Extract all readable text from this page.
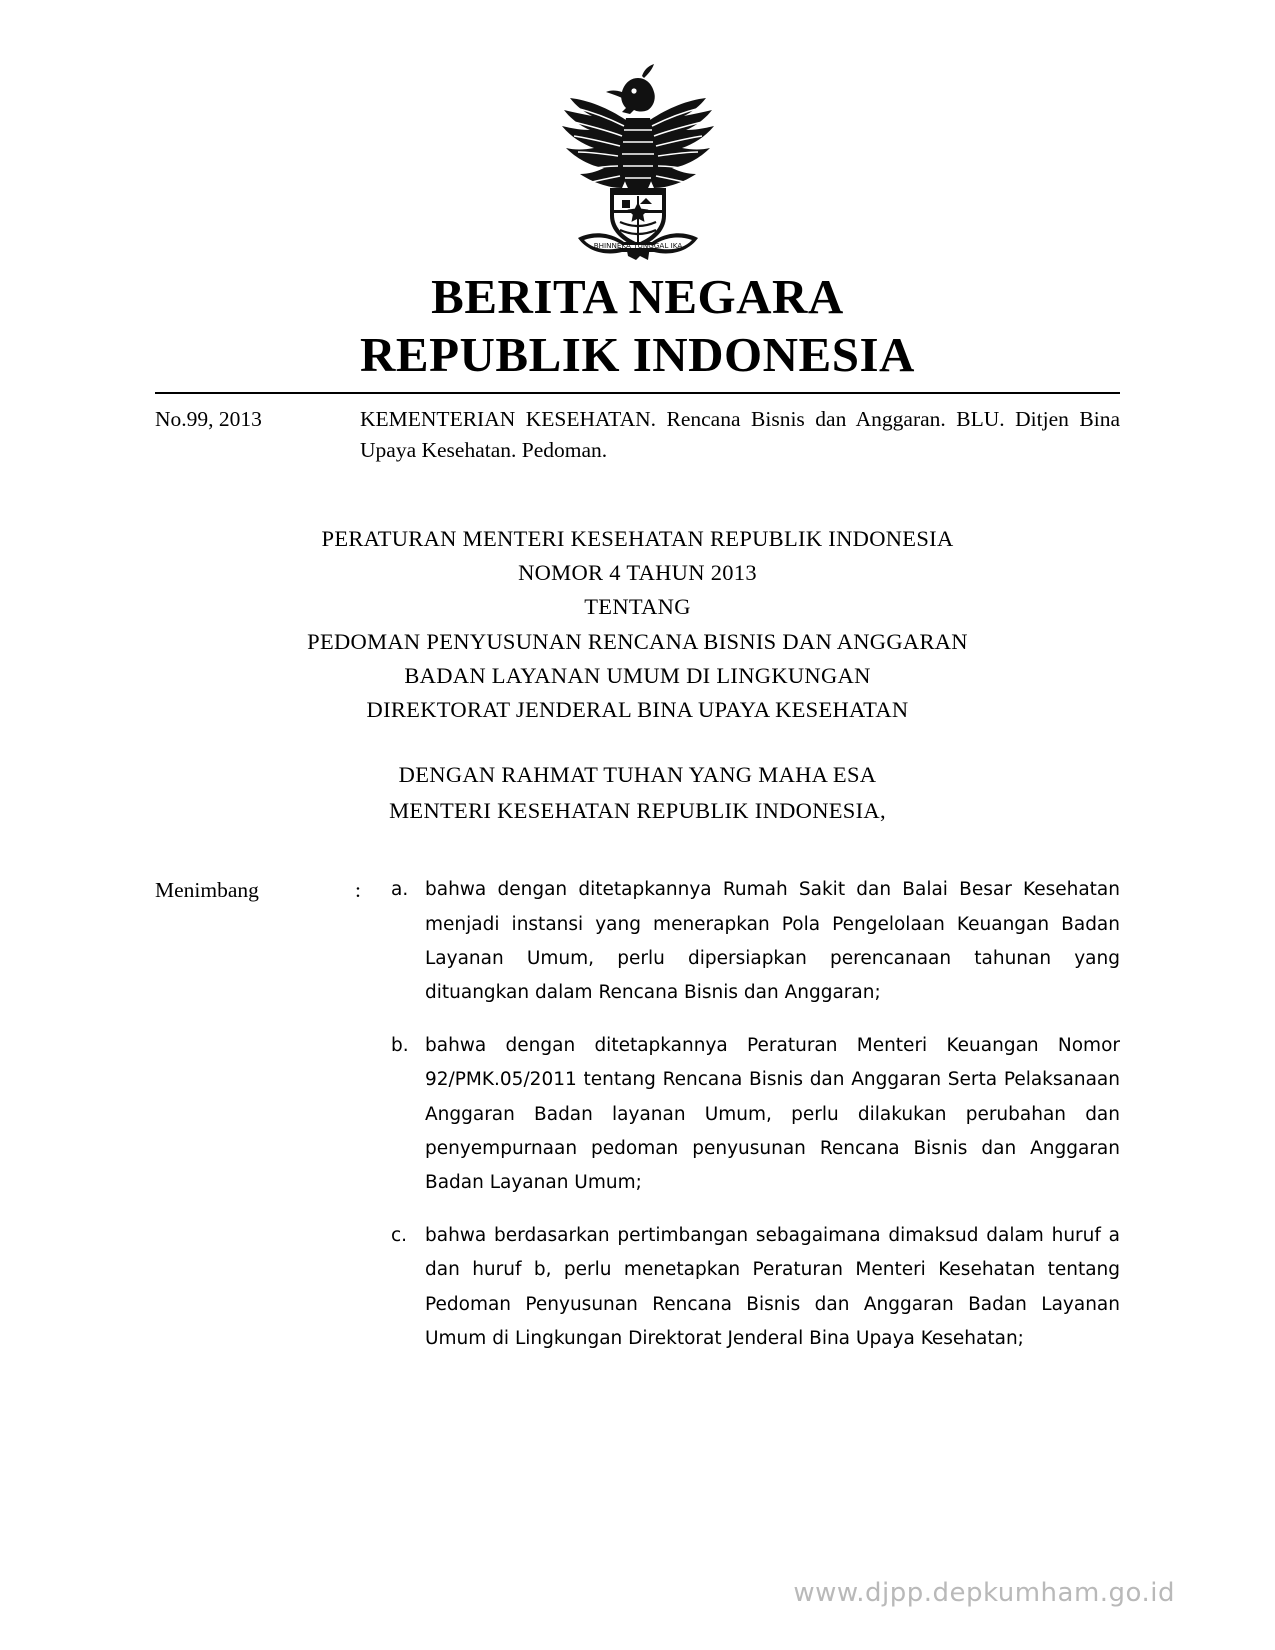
BHINNEKA TUNGGAL IKA
BERITA NEGARA
REPUBLIK INDONESIA
No.99, 2013	KEMENTERIAN KESEHATAN. Rencana Bisnis dan Anggaran. BLU. Ditjen Bina Upaya Kesehatan. Pedoman.
PERATURAN MENTERI KESEHATAN REPUBLIK INDONESIA
NOMOR 4 TAHUN 2013
TENTANG
PEDOMAN PENYUSUNAN RENCANA BISNIS DAN ANGGARAN
BADAN LAYANAN UMUM DI LINGKUNGAN
DIREKTORAT JENDERAL BINA UPAYA KESEHATAN
DENGAN RAHMAT TUHAN YANG MAHA ESA
MENTERI KESEHATAN REPUBLIK INDONESIA,
Menimbang	:	a. bahwa dengan ditetapkannya Rumah Sakit dan Balai Besar Kesehatan menjadi instansi yang menerapkan Pola Pengelolaan Keuangan Badan Layanan Umum, perlu dipersiapkan perencanaan tahunan yang dituangkan dalam Rencana Bisnis dan Anggaran;
b. bahwa dengan ditetapkannya Peraturan Menteri Keuangan Nomor 92/PMK.05/2011 tentang Rencana Bisnis dan Anggaran Serta Pelaksanaan Anggaran Badan layanan Umum, perlu dilakukan perubahan dan penyempurnaan pedoman penyusunan Rencana Bisnis dan Anggaran Badan Layanan Umum;
c. bahwa berdasarkan pertimbangan sebagaimana dimaksud dalam huruf a dan huruf b, perlu menetapkan Peraturan Menteri Kesehatan tentang Pedoman Penyusunan Rencana Bisnis dan Anggaran Badan Layanan Umum di Lingkungan Direktorat Jenderal Bina Upaya Kesehatan;
www.djpp.depkumham.go.id
